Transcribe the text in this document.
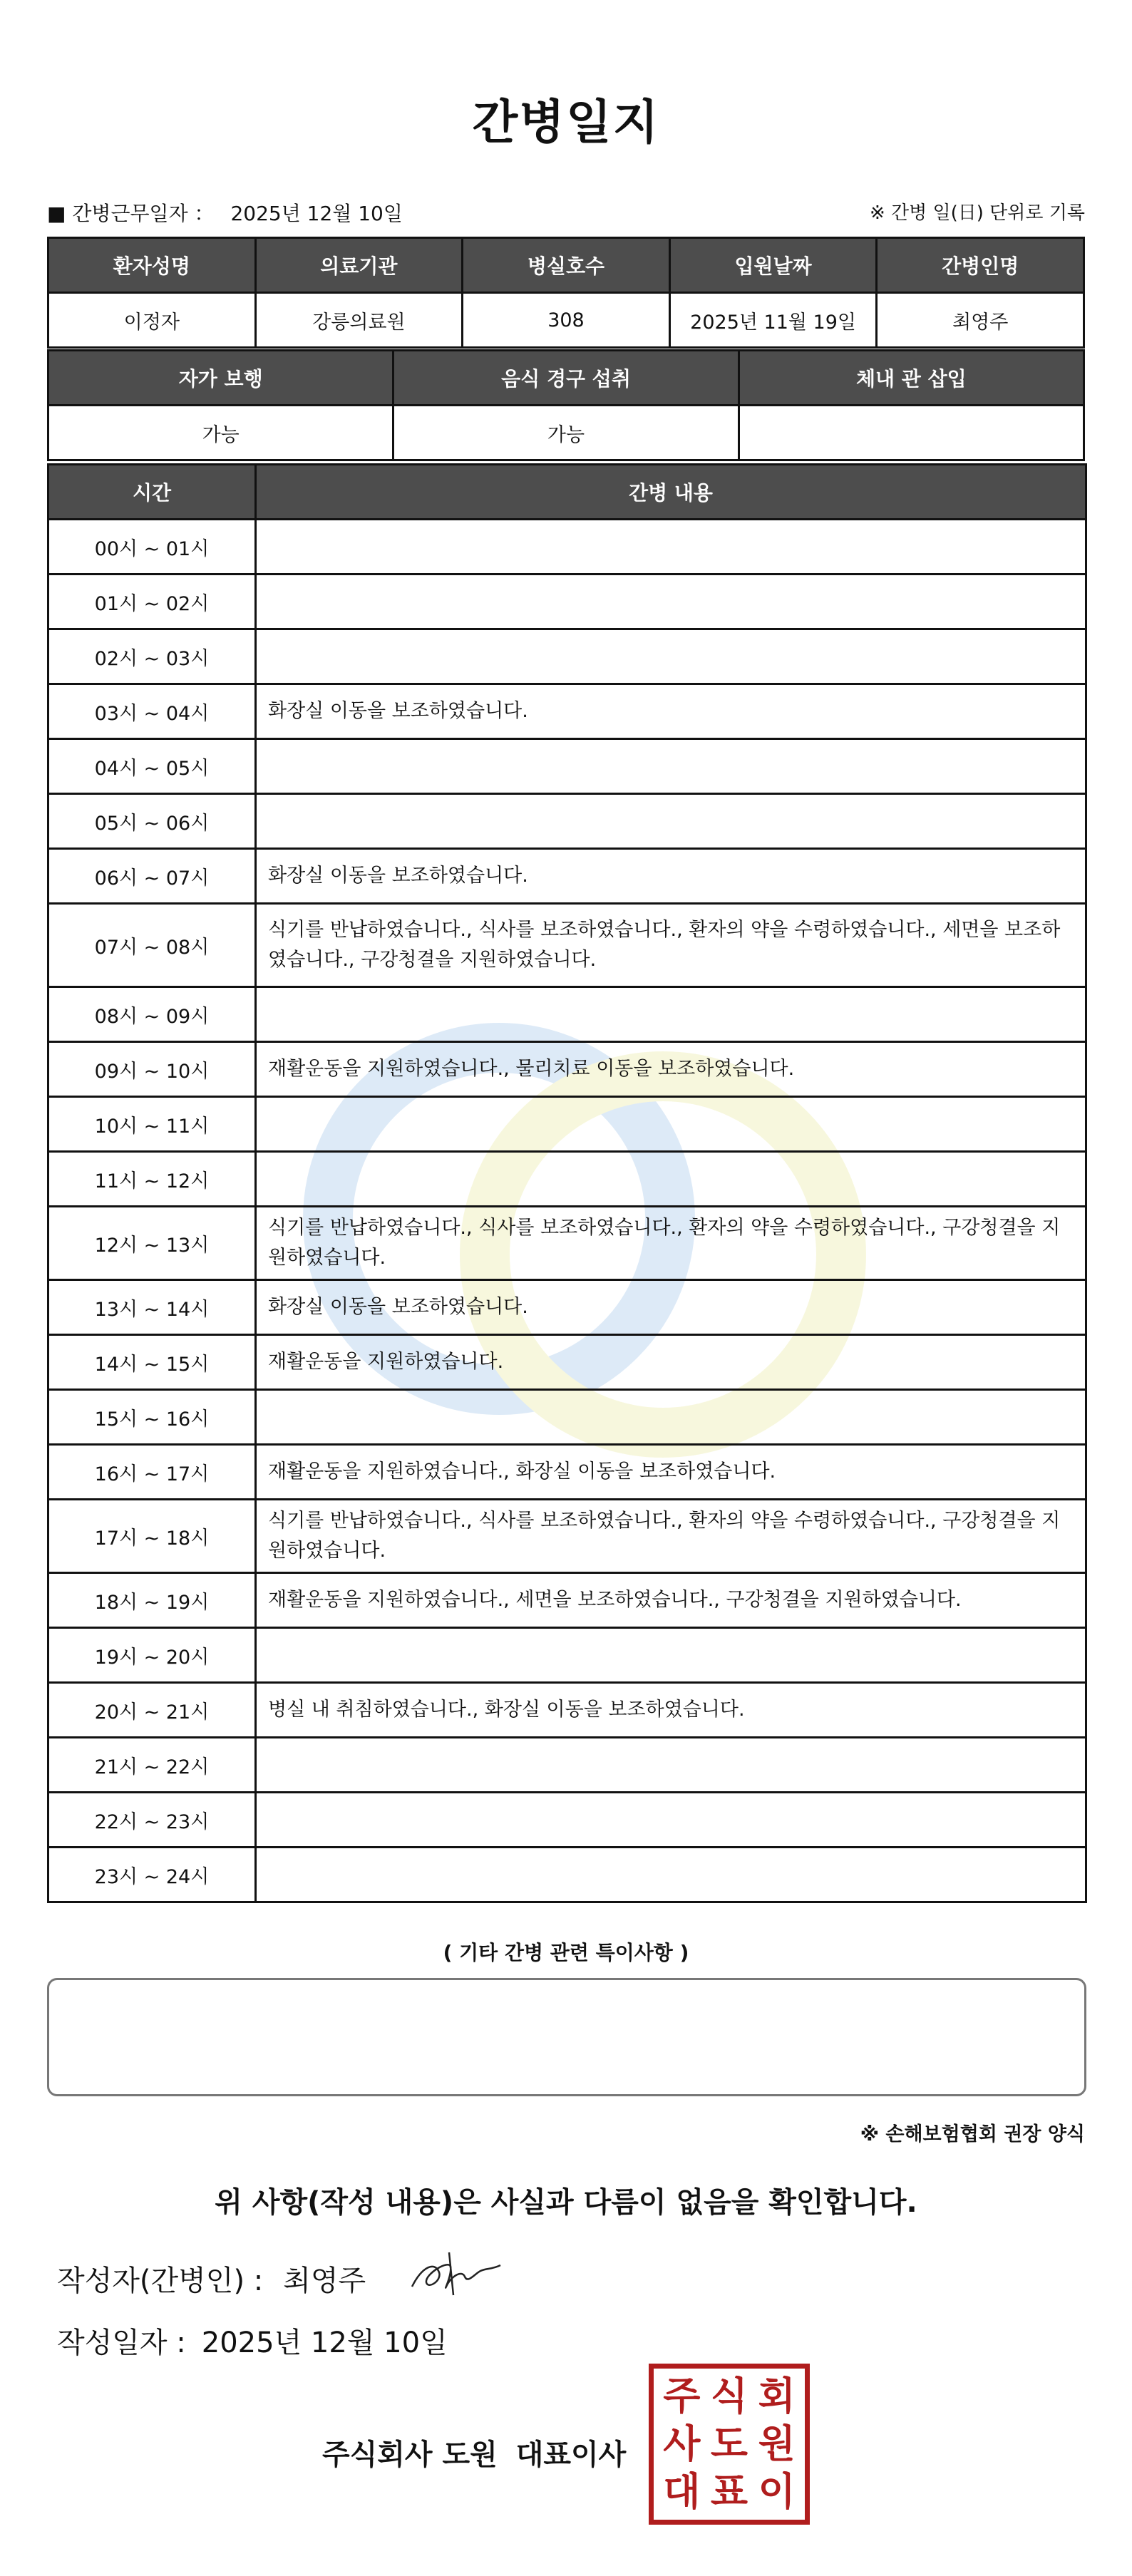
간병일지
■ 간병근무일자 ： 2025년 12월 10일	※ 간병 일(日) 단위로 기록
환자성명	의료기관	병실호수	입원날짜	간병인명
이정자	강릉의료원	308	2025년 11월 19일	최영주
자가 보행	음식 경구 섭취	체내 관 삽입
가능	가능	
시간	간병 내용
00시 ~ 01시	
01시 ~ 02시	
02시 ~ 03시	
03시 ~ 04시	화장실 이동을 보조하였습니다.
04시 ~ 05시	
05시 ~ 06시	
06시 ~ 07시	화장실 이동을 보조하였습니다.
07시 ~ 08시	식기를 반납하였습니다., 식사를 보조하였습니다., 환자의 약을 수령하였습니다., 세면을 보조하였습니다., 구강청결을 지원하였습니다.
08시 ~ 09시	
09시 ~ 10시	재활운동을 지원하였습니다., 물리치료 이동을 보조하였습니다.
10시 ~ 11시	
11시 ~ 12시	
12시 ~ 13시	식기를 반납하였습니다., 식사를 보조하였습니다., 환자의 약을 수령하였습니다., 구강청결을 지원하였습니다.
13시 ~ 14시	화장실 이동을 보조하였습니다.
14시 ~ 15시	재활운동을 지원하였습니다.
15시 ~ 16시	
16시 ~ 17시	재활운동을 지원하였습니다., 화장실 이동을 보조하였습니다.
17시 ~ 18시	식기를 반납하였습니다., 식사를 보조하였습니다., 환자의 약을 수령하였습니다., 구강청결을 지원하였습니다.
18시 ~ 19시	재활운동을 지원하였습니다., 세면을 보조하였습니다., 구강청결을 지원하였습니다.
19시 ~ 20시	
20시 ~ 21시	병실 내 취침하였습니다., 화장실 이동을 보조하였습니다.
21시 ~ 22시	
22시 ~ 23시	
23시 ~ 24시	
( 기타 간병 관련 특이사항 )
※ 손해보험협회 권장 양식
위 사항(작성 내용)은 사실과 다름이 없음을 확인합니다.
작성자(간병인) : 최영주
작성일자 : 2025년 12월 10일
주식회사 도원 대표이사
주 식 회
사 도 원
대 표 이
